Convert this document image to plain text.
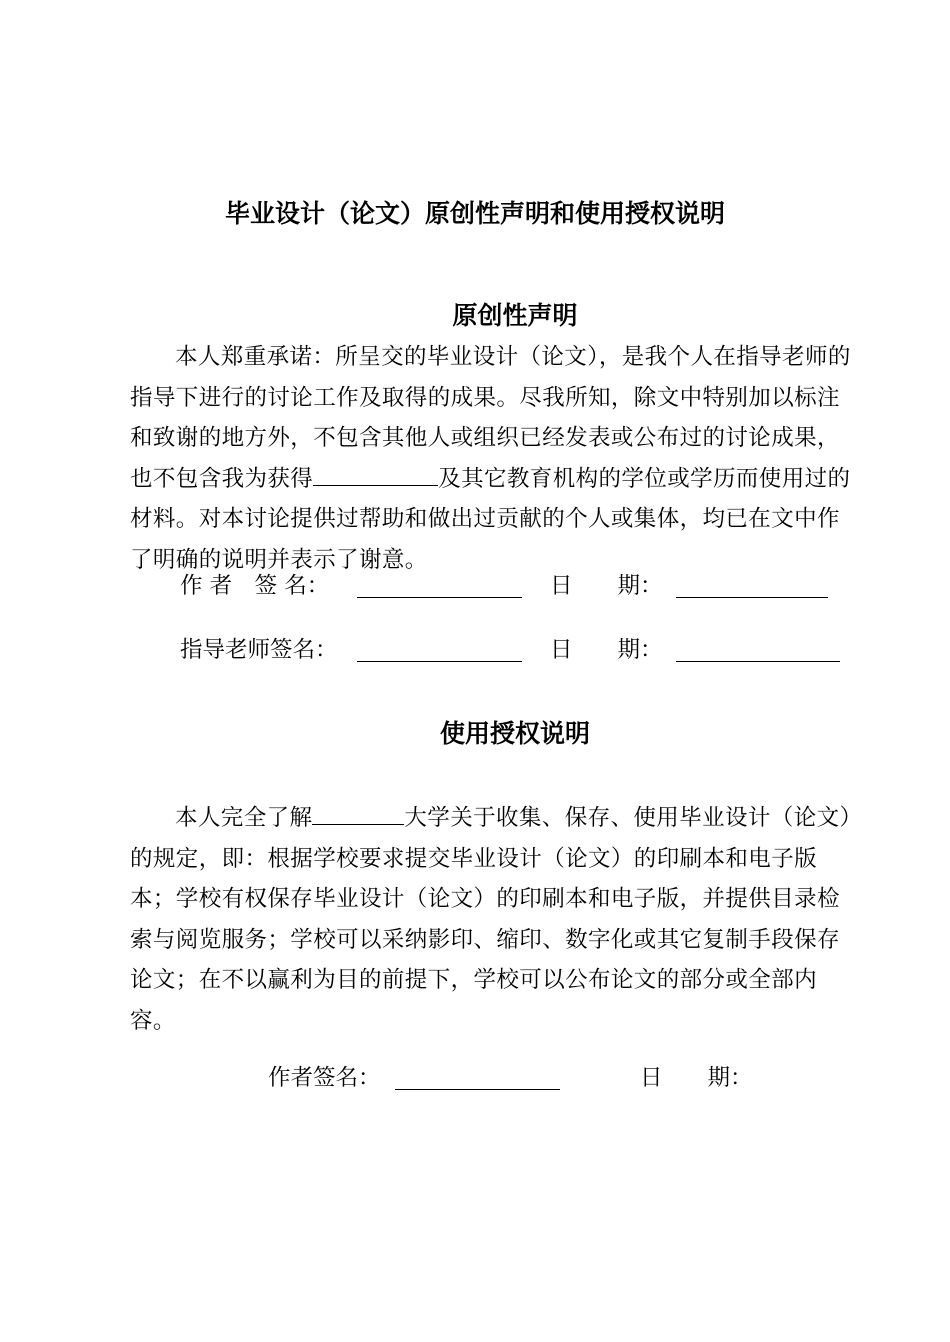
毕业设计（论文）原创性声明和使用授权说明
原创性声明

本人郑重承诺：所呈交的毕业设计（论文），是我个人在指导老师的指导下进行的讨论工作及取得的成果。尽我所知，除文中特别加以标注和致谢的地方外，不包含其他人或组织已经发表或公布过的讨论成果，也不包含我为获得	及其它教育机构的学位或学历而使用过的材料。对本讨论提供过帮助和做出过贡献的个人或集体，均已在文中作了明确的说明并表示了谢意。

作 者　签 名：	日　　期：
指导老师签名：	日　　期：
使用授权说明

本人完全了解	大学关于收集、保存、使用毕业设计（论文）的规定，即：根据学校要求提交毕业设计（论文）的印刷本和电子版本；学校有权保存毕业设计（论文）的印刷本和电子版，并提供目录检索与阅览服务；学校可以采纳影印、缩印、数字化或其它复制手段保存论文；在不以赢利为目的前提下，学校可以公布论文的部分或全部内容。

作者签名：	日　　期：
